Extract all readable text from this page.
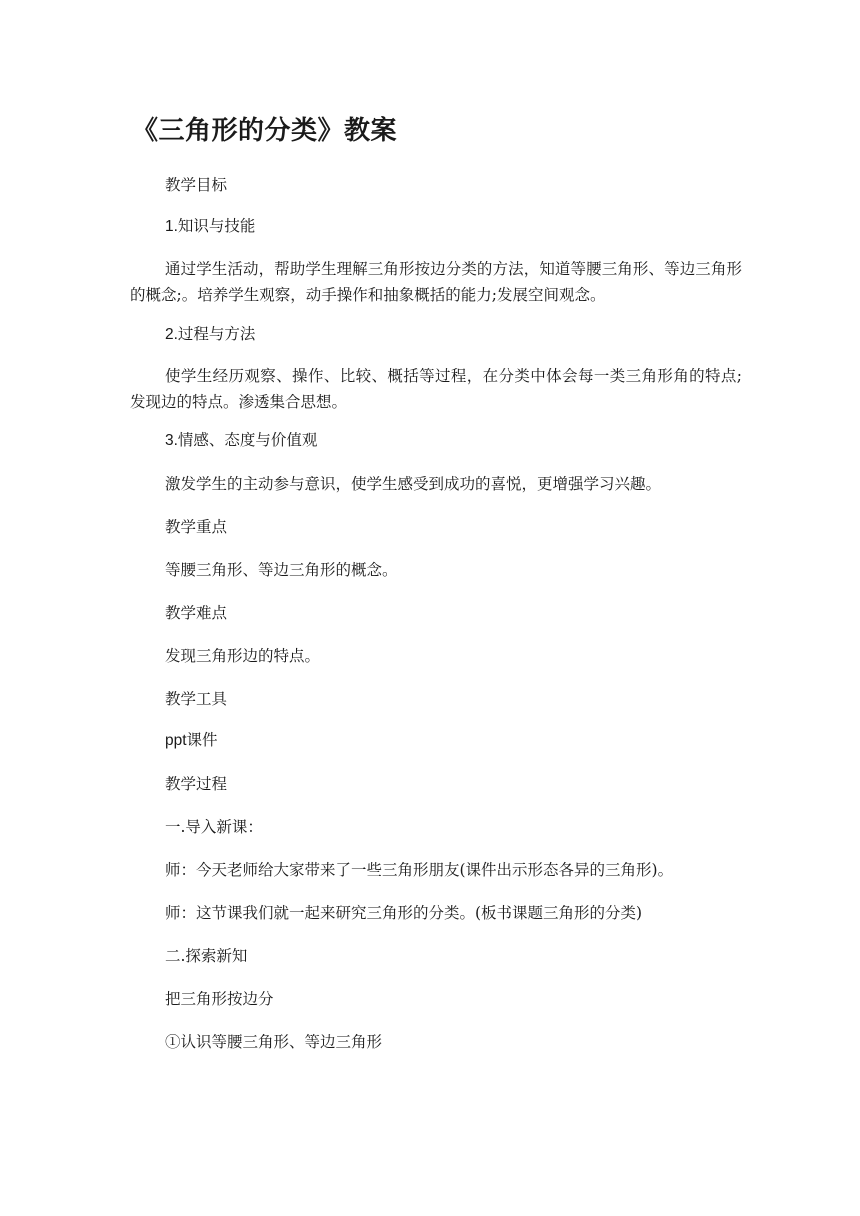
《三角形的分类》教案

教学目标

1.知识与技能

通过学生活动，帮助学生理解三角形按边分类的方法，知道等腰三角形、等边三角形的概念;。培养学生观察，动手操作和抽象概括的能力;发展空间观念。

2.过程与方法

使学生经历观察、操作、比较、概括等过程，在分类中体会每一类三角形角的特点;发现边的特点。渗透集合思想。

3.情感、态度与价值观

激发学生的主动参与意识，使学生感受到成功的喜悦，更增强学习兴趣。

教学重点

等腰三角形、等边三角形的概念。

教学难点

发现三角形边的特点。

教学工具

ppt课件

教学过程

一.导入新课：

师：今天老师给大家带来了一些三角形朋友(课件出示形态各异的三角形)。

师：这节课我们就一起来研究三角形的分类。(板书课题三角形的分类)

二.探索新知

把三角形按边分

①认识等腰三角形、等边三角形
